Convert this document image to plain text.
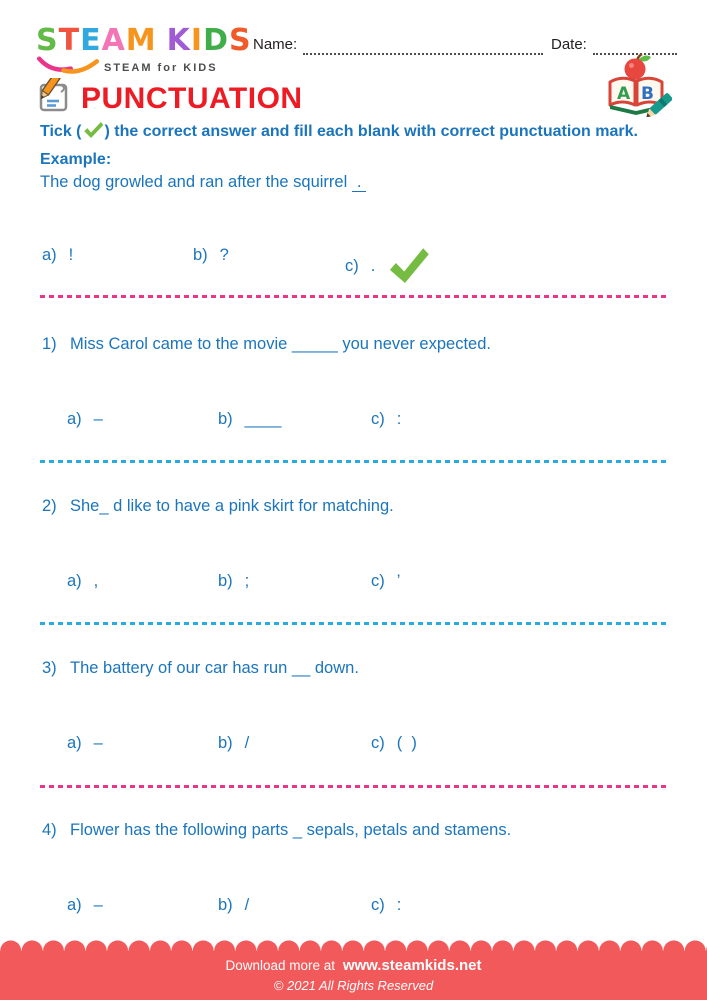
STEAM KIDS
STEAM for KIDS
Name:	Date:
A B
PUNCTUATION
Tick ( ) the correct answer and fill each blank with correct punctuation mark.
Example:
The dog growled and ran after the squirrel .
a) !	b) ?
c) .
1) Miss Carol came to the movie _____ you never expected.
a) –	b) ____	c) :
2) She_ d like to have a pink skirt for matching.
a) ,	b) ;	c) ’
3) The battery of our car has run __ down.
a) –	b) /	c) (  )
4) Flower has the following parts _ sepals, petals and stamens.
a) –	b) /	c) :
Download more at www.steamkids.net
© 2021 All Rights Reserved
